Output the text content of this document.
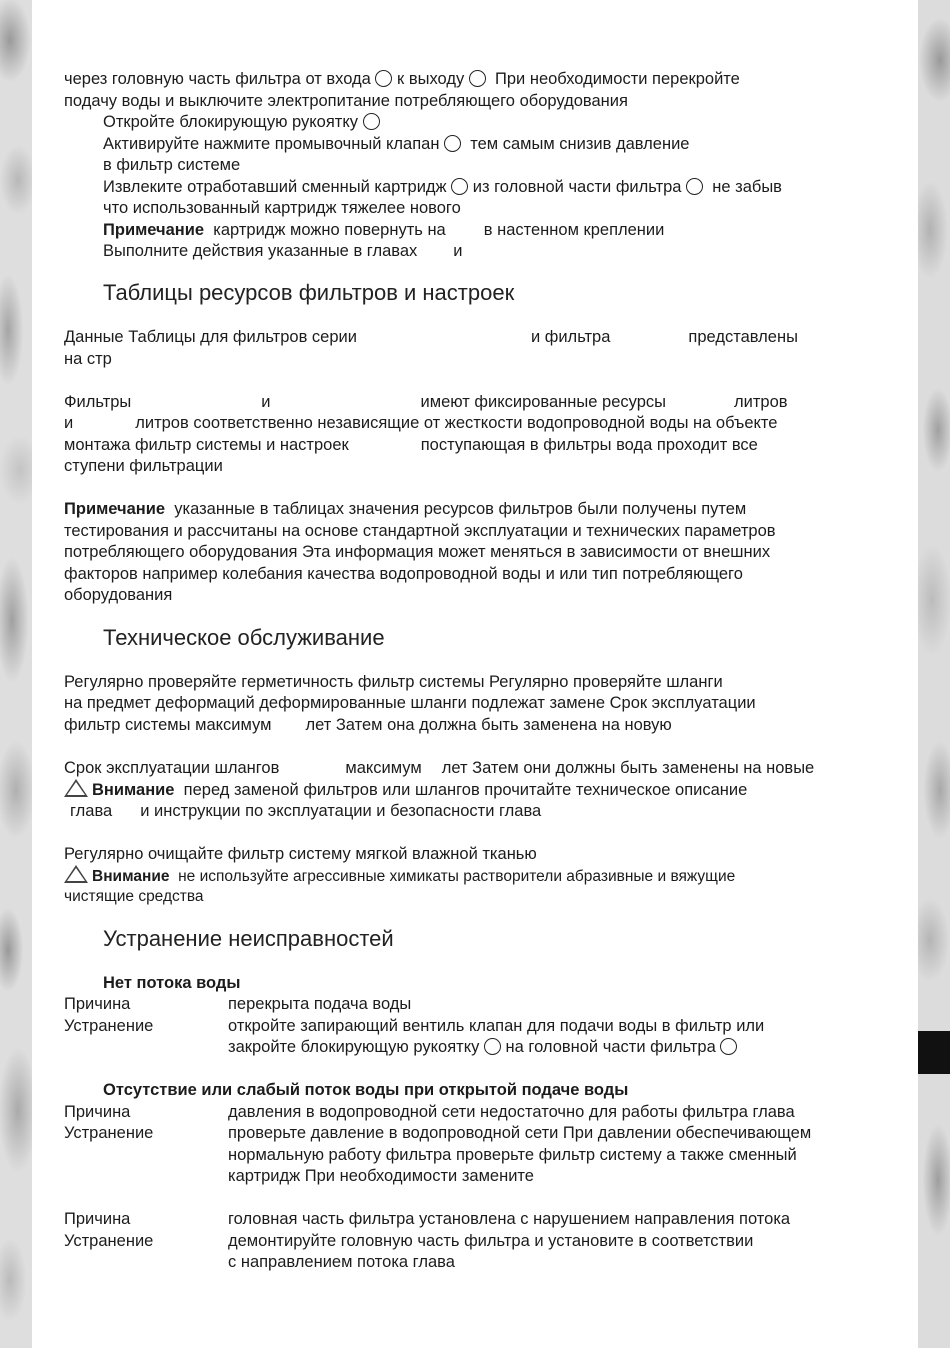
через головную часть фильтра от входа к выходу При необходимости перекройте
подачу воды и выключите электропитание потребляющего оборудования
Откройте блокирующую рукоятку
Активируйте нажмите промывочный клапан тем самым снизив давление
в фильтр системе
Извлеките отработавший сменный картридж из головной части фильтра не забыв
что использованный картридж тяжелее нового
Примечание картридж можно повернуть на в настенном креплении
Выполните действия указанные в главах и
Таблицы ресурсов фильтров и настроек
Данные Таблицы для фильтров серии	и фильтра	представлены
на стр
Фильтры	и	имеют фиксированные ресурсы	литров
и	литров соответственно независящие от жесткости водопроводной воды на объекте
монтажа фильтр системы и настроек	поступающая в фильтры вода проходит все
ступени фильтрации
Примечание указанные в таблицах значения ресурсов фильтров были получены путем
тестирования и рассчитаны на основе стандартной эксплуатации и технических параметров
потребляющего оборудования Эта информация может меняться в зависимости от внешних
факторов например колебания качества водопроводной воды и или тип потребляющего
оборудования
Техническое обслуживание
Регулярно проверяйте герметичность фильтр системы Регулярно проверяйте шланги
на предмет деформаций деформированные шланги подлежат замене Срок эксплуатации
фильтр системы максимум лет Затем она должна быть заменена на новую
Срок эксплуатации шлангов	максимум лет Затем они должны быть заменены на новые
Внимание перед заменой фильтров или шлангов прочитайте техническое описание
глава и инструкции по эксплуатации и безопасности глава
Регулярно очищайте фильтр систему мягкой влажной тканью
Внимание не используйте агрессивные химикаты растворители абразивные и вяжущие
чистящие средства
Устранение неисправностей
Нет потока воды
Причина	перекрыта подача воды
Устранение	откройте запирающий вентиль клапан для подачи воды в фильтр или
закройте блокирующую рукоятку на головной части фильтра
Отсутствие или слабый поток воды при открытой подаче воды
Причина	давления в водопроводной сети недостаточно для работы фильтра глава
Устранение	проверьте давление в водопроводной сети При давлении обеспечивающем
нормальную работу фильтра проверьте фильтр систему а также сменный
картридж При необходимости замените
Причина	головная часть фильтра установлена с нарушением направления потока
Устранение	демонтируйте головную часть фильтра и установите в соответствии
с направлением потока глава
